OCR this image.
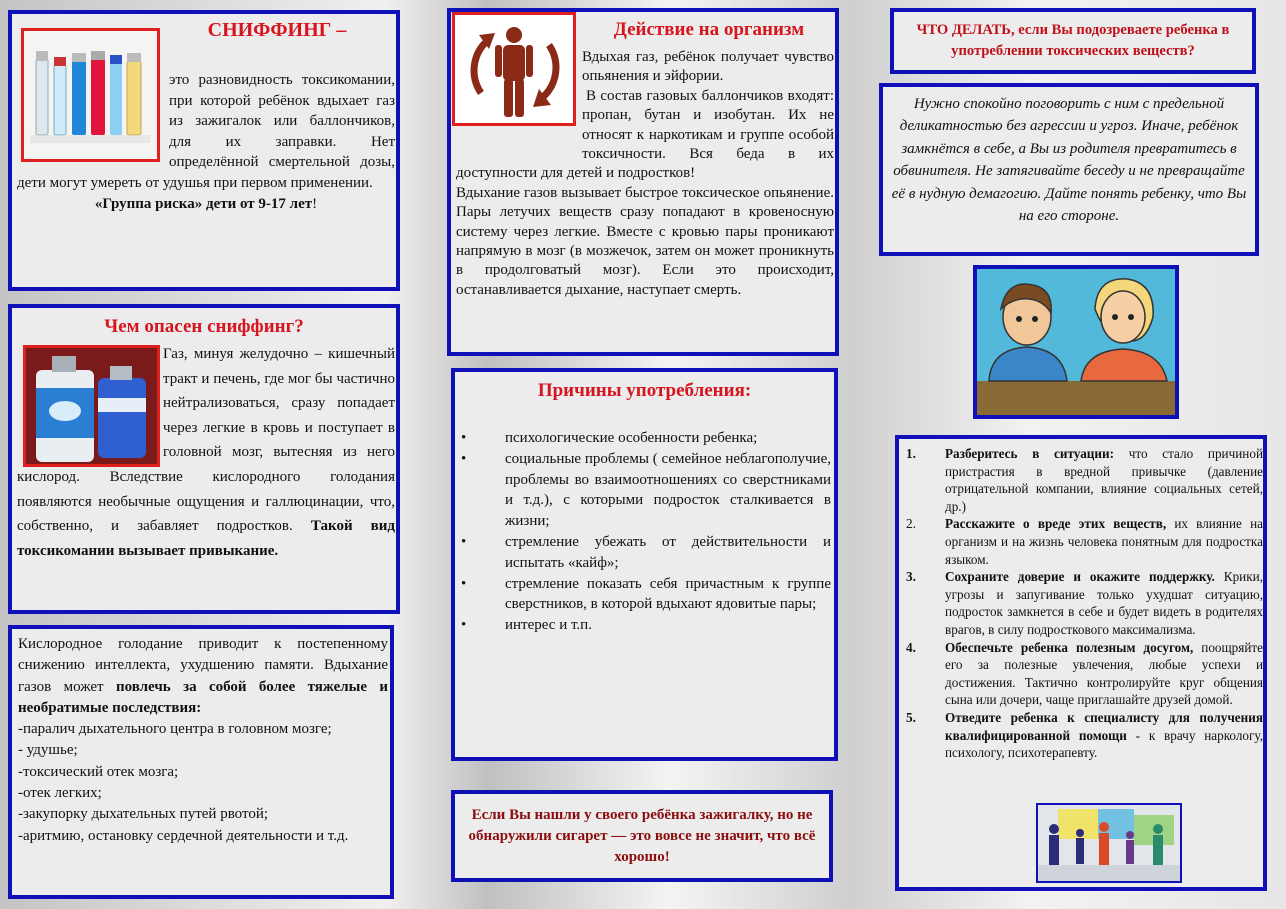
СНИФФИНГ –
это разновидность токсикомании, при которой ребёнок вдыхает газ из зажигалок или баллончиков, для их заправки. Нет определённой смертельной дозы, дети могут умереть от удушья при первом применении.
«Группа риска» дети от 9-17 лет!
Чем опасен сниффинг?
Газ, минуя желудочно – кишечный тракт и печень, где мог бы частично нейтрализоваться, сразу попадает через легкие в кровь и поступает в головной мозг, вытесняя из него кислород. Вследствие кислородного голодания появляются необычные ощущения и галлюцинации, что, собственно, и забавляет подростков. Такой вид токсикомании вызывает привыкание.
Кислородное голодание приводит к постепенному снижению интеллекта, ухудшению памяти. Вдыхание газов может повлечь за собой более тяжелые и необратимые последствия:
-паралич дыхательного центра в головном мозге;
- удушье;
-токсический отек мозга;
-отек легких;
-закупорку дыхательных путей рвотой;
-аритмию, остановку сердечной деятельности и т.д.
Действие на организм
Вдыхая газ, ребёнок получает чувство опьянения и эйфории.
В состав газовых баллончиков входят: пропан, бутан и изобутан. Их не относят к наркотикам и группе особой токсичности. Вся беда в их доступности для детей и подростков!
Вдыхание газов вызывает быстрое токсическое опьянение. Пары летучих веществ сразу попадают в кровеносную систему через легкие. Вместе с кровью пары проникают напрямую в мозг (в мозжечок, затем он может проникнуть в продолговатый мозг). Если это происходит, останавливается дыхание, наступает смерть.
Причины употребления:
• психологические особенности ребенка;
• социальные проблемы ( семейное неблагополучие, проблемы во взаимоотношениях со сверстниками и т.д.), с которыми подросток сталкивается в жизни;
• стремление убежать от действительности и испытать «кайф»;
• стремление показать себя причастным к группе сверстников, в которой вдыхают ядовитые пары;
• интерес и т.п.
Если Вы нашли у своего ребёнка зажигалку, но не обнаружили сигарет — это вовсе не значит, что всё хорошо!
ЧТО ДЕЛАТЬ, если Вы подозреваете ребенка в употреблении токсических веществ?
Нужно спокойно поговорить с ним с предельной деликатностью без агрессии и угроз. Иначе, ребёнок замкнётся в себе, а Вы из родителя превратитесь в обвинителя. Не затягивайте беседу и не превращайте её в нудную демагогию. Дайте понять ребенку, что Вы на его стороне.
1.	Разберитесь в ситуации: что стало причиной пристрастия в вредной привычке (давление отрицательной компании, влияние социальных сетей, др.)
2.	Расскажите о вреде этих веществ, их влияние на организм и на жизнь человека понятным для подростка языком.
3.	Сохраните доверие и окажите поддержку. Крики, угрозы и запугивание только ухудшат ситуацию, подросток замкнется в себе и будет видеть в родителях врагов, в силу подросткового максимализма.
4.	Обеспечьте ребенка полезным досугом, поощряйте его за полезные увлечения, любые успехи и достижения. Тактично контролируйте круг общения сына или дочери, чаще приглашайте друзей домой.
5.	Отведите ребенка к специалисту для получения квалифицированной помощи - к врачу наркологу, психологу, психотерапевту.
